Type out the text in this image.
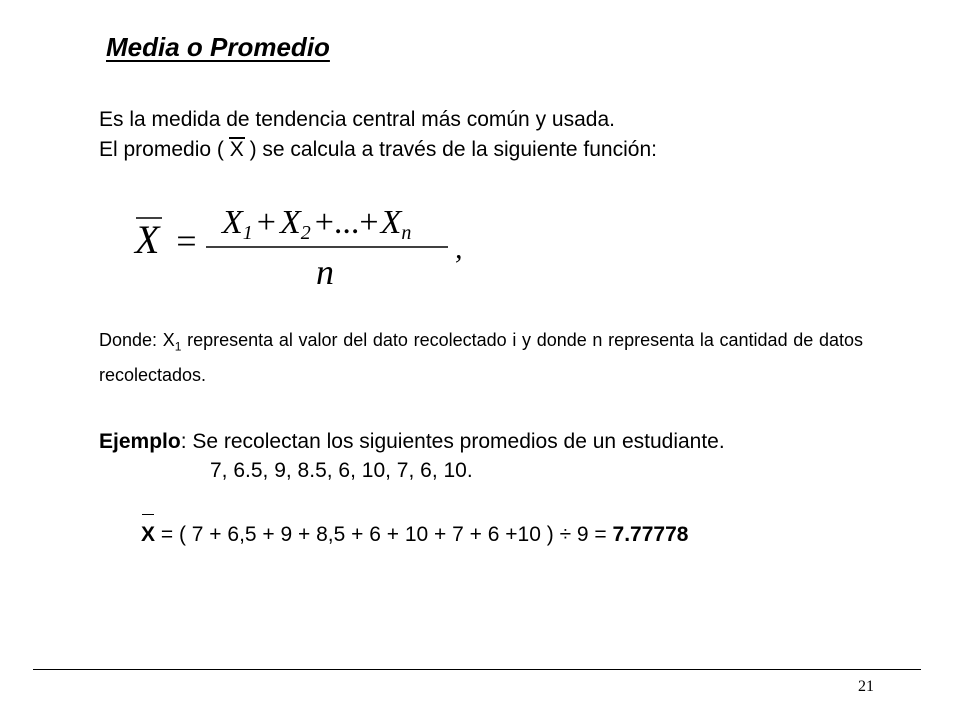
Media o Promedio
Es la medida de tendencia central más común y usada.
El promedio ( X ) se calcula a través de la siguiente función:
X = X1 + X2 +...+Xn
n
,
Donde: $X_1$ representa al valor del dato recolectado i y donde n representa la cantidad de datos recolectados.
Ejemplo: Se recolectan los siguientes promedios de un estudiante.
7, 6.5, 9, 8.5, 6, 10, 7, 6, 10.
X = ( 7 + 6,5 + 9 + 8,5 + 6 + 10 + 7 + 6 +10 ) ÷ 9 = 7.77778
21
